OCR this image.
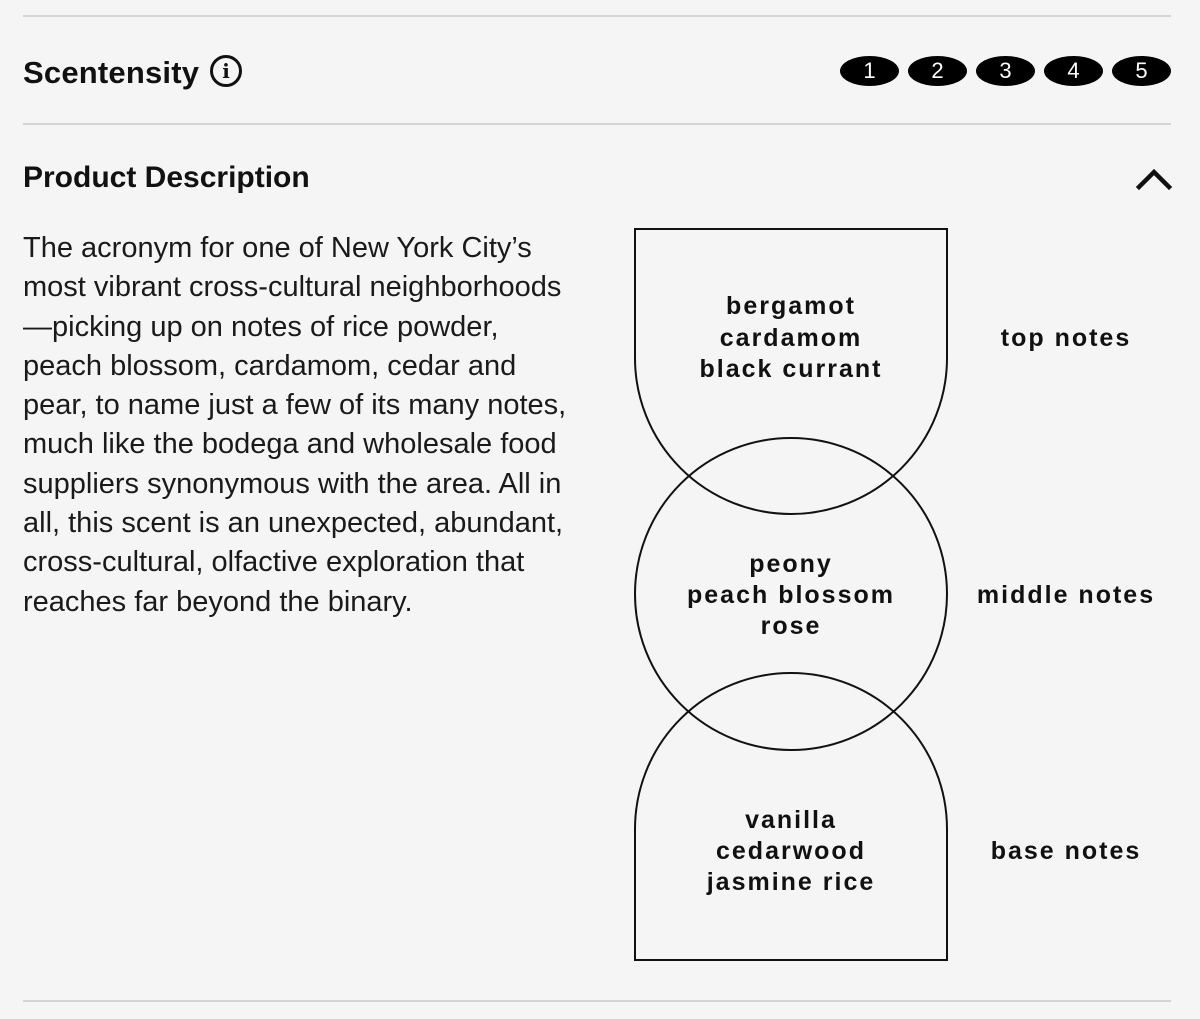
Scentensity	i	1	2	3	4	5
Product Description
The acronym for one of New York City’s most vibrant cross-cultural neighborhoods—picking up on notes of rice powder, peach blossom, cardamom, cedar and pear, to name just a few of its many notes, much like the bodega and wholesale food suppliers synonymous with the area. All in all, this scent is an unexpected, abundant, cross-cultural, olfactive exploration that reaches far beyond the binary.
bergamot
cardamom
black currant
peony
peach blossom
rose
vanilla
cedarwood
jasmine rice
top notes
middle notes
base notes
